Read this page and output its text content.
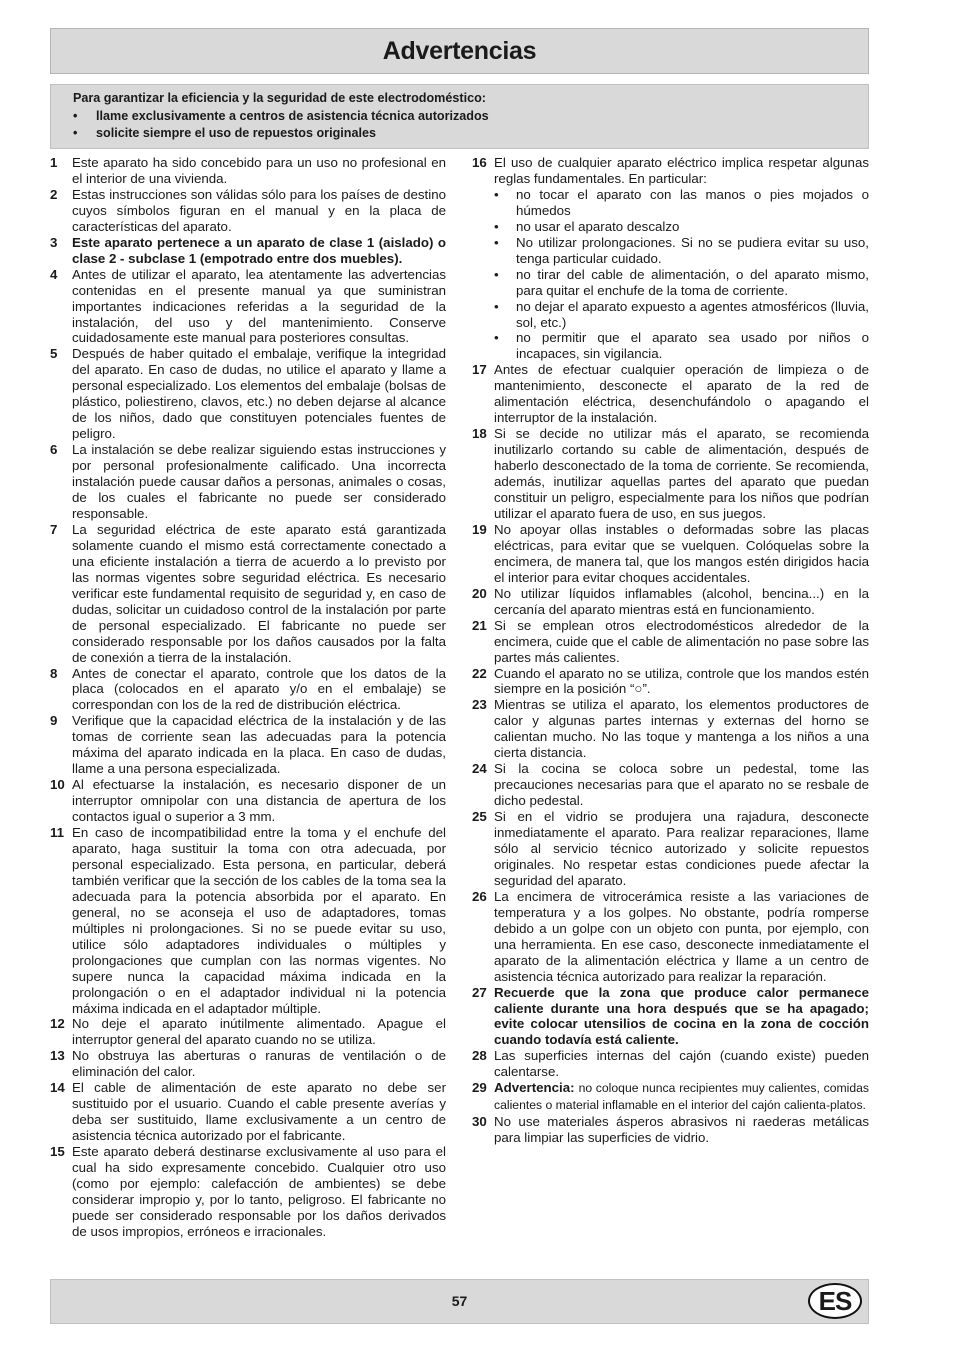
Advertencias
Para garantizar la eficiencia y la seguridad de este electrodoméstico:
•	llame exclusivamente a centros de asistencia técnica autorizados
•	solicite siempre el uso de repuestos originales
1	Este aparato ha sido concebido para un uso no profesional en el interior de una vivienda.
2	Estas instrucciones son válidas sólo para los países de destino cuyos símbolos figuran en el manual y en la placa de características del aparato.
3	Este aparato pertenece a un aparato de clase 1 (aislado) o clase 2 - subclase 1 (empotrado entre dos muebles).
4	Antes de utilizar el aparato, lea atentamente las advertencias contenidas en el presente manual ya que suministran importantes indicaciones referidas a la seguridad de la instalación, del uso y del mantenimiento. Conserve cuidadosamente este manual para posteriores consultas.
5	Después de haber quitado el embalaje, verifique la integridad del aparato. En caso de dudas, no utilice el aparato y llame a personal especializado. Los elementos del embalaje (bolsas de plástico, poliestireno, clavos, etc.) no deben dejarse al alcance de los niños, dado que constituyen potenciales fuentes de peligro.
6	La instalación se debe realizar siguiendo estas instrucciones y por personal profesionalmente calificado. Una incorrecta instalación puede causar daños a personas, animales o cosas, de los cuales el fabricante no puede ser considerado responsable.
7	La seguridad eléctrica de este aparato está garantizada solamente cuando el mismo está correctamente conectado a una eficiente instalación a tierra de acuerdo a lo previsto por las normas vigentes sobre seguridad eléctrica. Es necesario verificar este fundamental requisito de seguridad y, en caso de dudas, solicitar un cuidadoso control de la instalación por parte de personal especializado. El fabricante no puede ser considerado responsable por los daños causados por la falta de conexión a tierra de la instalación.
8	Antes de conectar el aparato, controle que los datos de la placa (colocados en el aparato y/o en el embalaje) se correspondan con los de la red de distribución eléctrica.
9	Verifique que la capacidad eléctrica de la instalación y de las tomas de corriente sean las adecuadas para la potencia máxima del aparato indicada en la placa. En caso de dudas, llame a una persona especializada.
10 Al efectuarse la instalación, es necesario disponer de un interruptor omnipolar con una distancia de apertura de los contactos igual o superior a 3 mm.
11 En caso de incompatibilidad entre la toma y el enchufe del aparato, haga sustituir la toma con otra adecuada, por personal especializado. Esta persona, en particular, deberá también verificar que la sección de los cables de la toma sea la adecuada para la potencia absorbida por el aparato. En general, no se aconseja el uso de adaptadores, tomas múltiples ni prolongaciones. Si no se puede evitar su uso, utilice sólo adaptadores individuales o múltiples y prolongaciones que cumplan con las normas vigentes. No supere nunca la capacidad máxima indicada en la prolongación o en el adaptador individual ni la potencia máxima indicada en el adaptador múltiple.
12 No deje el aparato inútilmente alimentado. Apague el interruptor general del aparato cuando no se utiliza.
13 No obstruya las aberturas o ranuras de ventilación o de eliminación del calor.
14 El cable de alimentación de este aparato no debe ser sustituido por el usuario. Cuando el cable presente averías y deba ser sustituido, llame exclusivamente a un centro de asistencia técnica autorizado por el fabricante.
15 Este aparato deberá destinarse exclusivamente al uso para el cual ha sido expresamente concebido. Cualquier otro uso (como por ejemplo: calefacción de ambientes) se debe considerar impropio y, por lo tanto, peligroso. El fabricante no puede ser considerado responsable por los daños derivados de usos impropios, erróneos e irracionales.
16 El uso de cualquier aparato eléctrico implica respetar algunas reglas fundamentales. En particular:
•	no tocar el aparato con las manos o pies mojados o húmedos
•	no usar el aparato descalzo
•	No utilizar prolongaciones. Si no se pudiera evitar su uso, tenga particular cuidado.
•	no tirar del cable de alimentación, o del aparato mismo, para quitar el enchufe de la toma de corriente.
•	no dejar el aparato expuesto a agentes atmosféricos (lluvia, sol, etc.)
•	no permitir que el aparato sea usado por niños o incapaces, sin vigilancia.
17 Antes de efectuar cualquier operación de limpieza o de mantenimiento, desconecte el aparato de la red de alimentación eléctrica, desenchufándolo o apagando el interruptor de la instalación.
18 Si se decide no utilizar más el aparato, se recomienda inutilizarlo cortando su cable de alimentación, después de haberlo desconectado de la toma de corriente. Se recomienda, además, inutilizar aquellas partes del aparato que puedan constituir un peligro, especialmente para los niños que podrían utilizar el aparato fuera de uso, en sus juegos.
19 No apoyar ollas instables o deformadas sobre las placas eléctricas, para evitar que se vuelquen. Colóquelas sobre la encimera, de manera tal, que los mangos estén dirigidos hacia el interior para evitar choques accidentales.
20 No utilizar líquidos inflamables (alcohol, bencina...) en la cercanía del aparato mientras está en funcionamiento.
21 Si se emplean otros electrodomésticos alrededor de la encimera, cuide que el cable de alimentación no pase sobre las partes más calientes.
22 Cuando el aparato no se utiliza, controle que los mandos estén siempre en la posición “○”.
23 Mientras se utiliza el aparato, los elementos productores de calor y algunas partes internas y externas del horno se calientan mucho. No las toque y mantenga a los niños a una cierta distancia.
24 Si la cocina se coloca sobre un pedestal, tome las precauciones necesarias para que el aparato no se resbale de dicho pedestal.
25 Si en el vidrio se produjera una rajadura, desconecte inmediatamente el aparato. Para realizar reparaciones, llame sólo al servicio técnico autorizado y solicite repuestos originales. No respetar estas condiciones puede afectar la seguridad del aparato.
26 La encimera de vitrocerámica resiste a las variaciones de temperatura y a los golpes. No obstante, podría romperse debido a un golpe con un objeto con punta, por ejemplo, con una herramienta. En ese caso, desconecte inmediatamente el aparato de la alimentación eléctrica y llame a un centro de asistencia técnica autorizado para realizar la reparación.
27 Recuerde que la zona que produce calor permanece caliente durante una hora después que se ha apagado; evite colocar utensilios de cocina en la zona de cocción cuando todavía está caliente.
28 Las superficies internas del cajón (cuando existe) pueden calentarse.
29 Advertencia: no coloque nunca recipientes muy calientes, comidas calientes o material inflamable en el interior del cajón calienta-platos.
30 No use materiales ásperos abrasivos ni raederas metálicas para limpiar las superficies de vidrio.
57	ES
